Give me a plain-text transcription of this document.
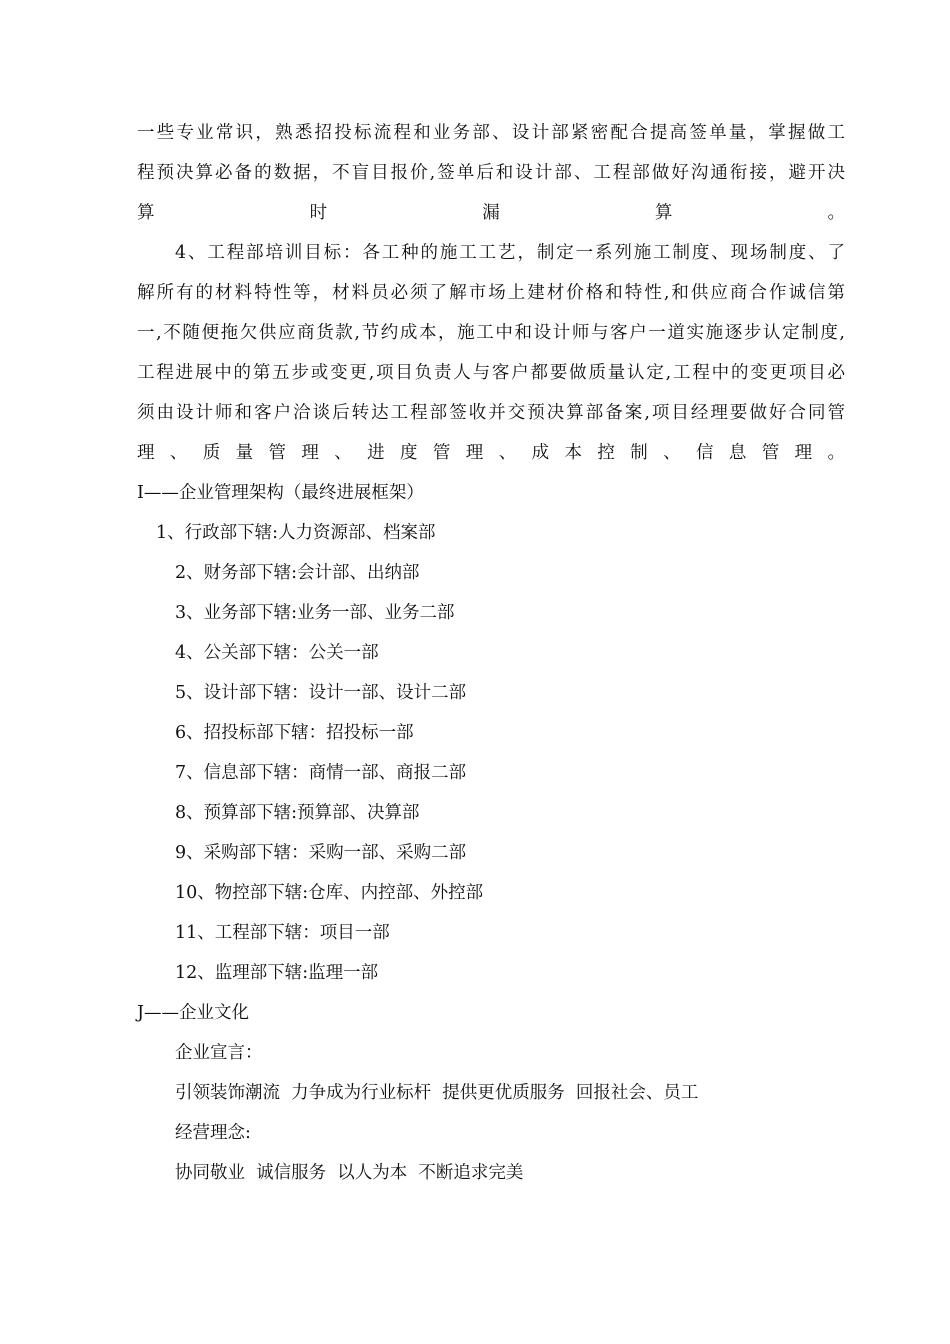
一些专业常识，熟悉招投标流程和业务部、设计部紧密配合提高签单量，掌握做工
程预决算必备的数据，不盲目报价,签单后和设计部、工程部做好沟通衔接，避开决
算时漏算。
4、工程部培训目标：各工种的施工工艺，制定一系列施工制度、现场制度、了
解所有的材料特性等，材料员必须了解市场上建材价格和特性,和供应商合作诚信第
一,不随便拖欠供应商货款,节约成本，施工中和设计师与客户一道实施逐步认定制度,
工程进展中的第五步或变更,项目负责人与客户都要做质量认定,工程中的变更项目必
须由设计师和客户洽谈后转达工程部签收并交预决算部备案,项目经理要做好合同管
理、质量管理、进度管理、成本控制、信息管理。
I——企业管理架构（最终进展框架）
1、行政部下辖:人力资源部、档案部
2、财务部下辖:会计部、出纳部
3、业务部下辖:业务一部、业务二部
4、公关部下辖：公关一部
5、设计部下辖：设计一部、设计二部
6、招投标部下辖：招投标一部
7、信息部下辖：商情一部、商报二部
8、预算部下辖:预算部、决算部
9、采购部下辖：采购一部、采购二部
10、物控部下辖:仓库、内控部、外控部
11、工程部下辖：项目一部
12、监理部下辖:监理一部
J——企业文化
企业宣言：
引领装饰潮流  力争成为行业标杆  提供更优质服务  回报社会、员工
经营理念:
协同敬业  诚信服务  以人为本  不断追求完美
